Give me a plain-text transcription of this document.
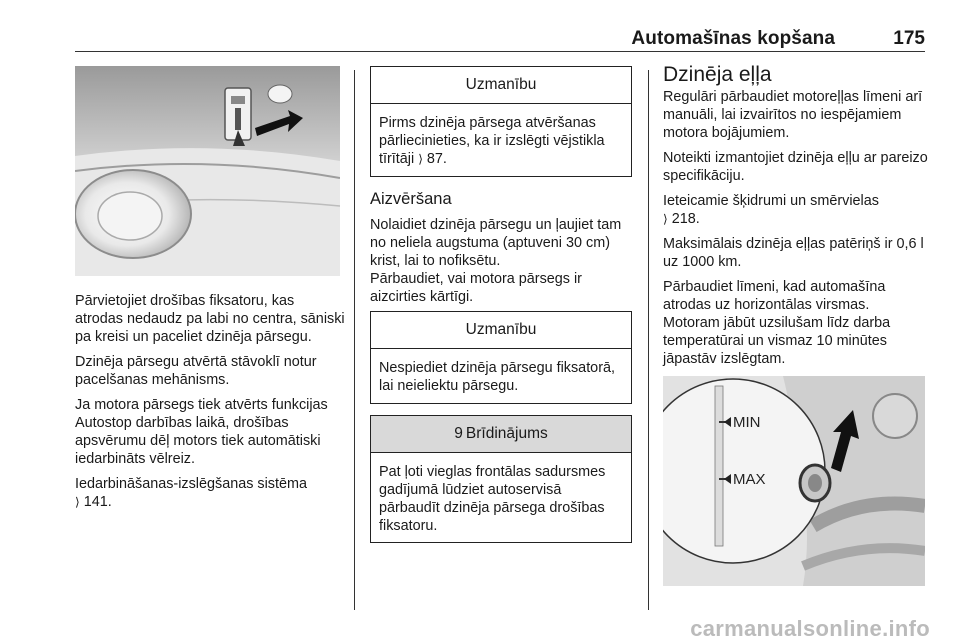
Automašīnas kopšana	175

Pārvietojiet drošības fiksatoru, kas atrodas nedaudz pa labi no centra, sāniski pa kreisi un paceliet dzinēja pārsegu.

Dzinēja pārsegu atvērtā stāvoklī notur pacelšanas mehānisms.

Ja motora pārsegs tiek atvērts funkcijas Autostop darbības laikā, drošības apsvērumu dēļ motors tiek automātiski iedarbināts vēlreiz.

Iedarbināšanas-izslēgšanas sistēma
⟩ 141.

Uzmanību
Pirms dzinēja pārsega atvēršanas pārliecinieties, ka ir izslēgti vējstikla tīrītāji ⟩ 87.
Aizvēršana

Nolaidiet dzinēja pārsegu un ļaujiet tam no neliela augstuma (aptuveni 30 cm) krist, lai to nofiksētu.

Pārbaudiet, vai motora pārsegs ir aizcirties kārtīgi.

Uzmanību
Nespiediet dzinēja pārsegu fiksatorā, lai neieliektu pārsegu.
9 Brīdinājums
Pat ļoti vieglas frontālas sadursmes gadījumā lūdziet autoservisā pārbaudīt dzinēja pārsega drošības fiksatoru.
Dzinēja eļļa

Regulāri pārbaudiet motoreļļas līmeni arī manuāli, lai izvairītos no iespējamiem motora bojājumiem.

Noteikti izmantojiet dzinēja eļļu ar pareizo specifikāciju.

Ieteicamie šķidrumi un smērvielas
⟩ 218.

Maksimālais dzinēja eļļas patēriņš ir 0,6 l uz 1000 km.

Pārbaudiet līmeni, kad automašīna atrodas uz horizontālas virsmas. Motoram jābūt uzsilušam līdz darba temperatūrai un vismaz 10 minūtes jāpastāv izslēgtam.

MIN
MAX
carmanualsonline.info
